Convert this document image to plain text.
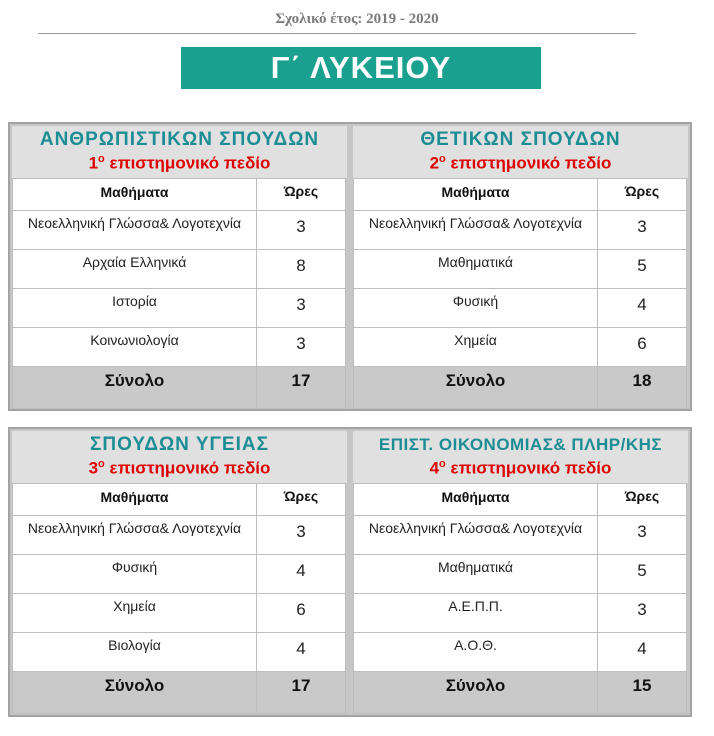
Σχολικό έτος: 2019 - 2020
Γ΄ ΛΥΚΕΙΟΥ
ΑΝΘΡΩΠΙΣΤΙΚΩΝ ΣΠΟΥΔΩΝ
$1^o$ επιστημονικό πεδίο
Μαθήματα	Ώρες
Νεοελληνική Γλώσσα& Λογοτεχνία	3
Αρχαία Ελληνικά	8
Ιστορία	3
Κοινωνιολογία	3
Σύνολο	17
ΘΕΤΙΚΩΝ ΣΠΟΥΔΩΝ
$2^o$ επιστημονικό πεδίο
Μαθήματα	Ώρες
Νεοελληνική Γλώσσα& Λογοτεχνία	3
Μαθηματικά	5
Φυσική	4
Χημεία	6
Σύνολο	18
ΣΠΟΥΔΩΝ ΥΓΕΙΑΣ
$3^o$ επιστημονικό πεδίο
Μαθήματα	Ώρες
Νεοελληνική Γλώσσα& Λογοτεχνία	3
Φυσική	4
Χημεία	6
Βιολογία	4
Σύνολο	17
ΕΠΙΣΤ. ΟΙΚΟΝΟΜΙΑΣ& ΠΛΗΡ/ΚΗΣ
$4^o$ επιστημονικό πεδίο
Μαθήματα	Ώρες
Νεοελληνική Γλώσσα& Λογοτεχνία	3
Μαθηματικά	5
Α.Ε.Π.Π.	3
Α.Ο.Θ.	4
Σύνολο	15
